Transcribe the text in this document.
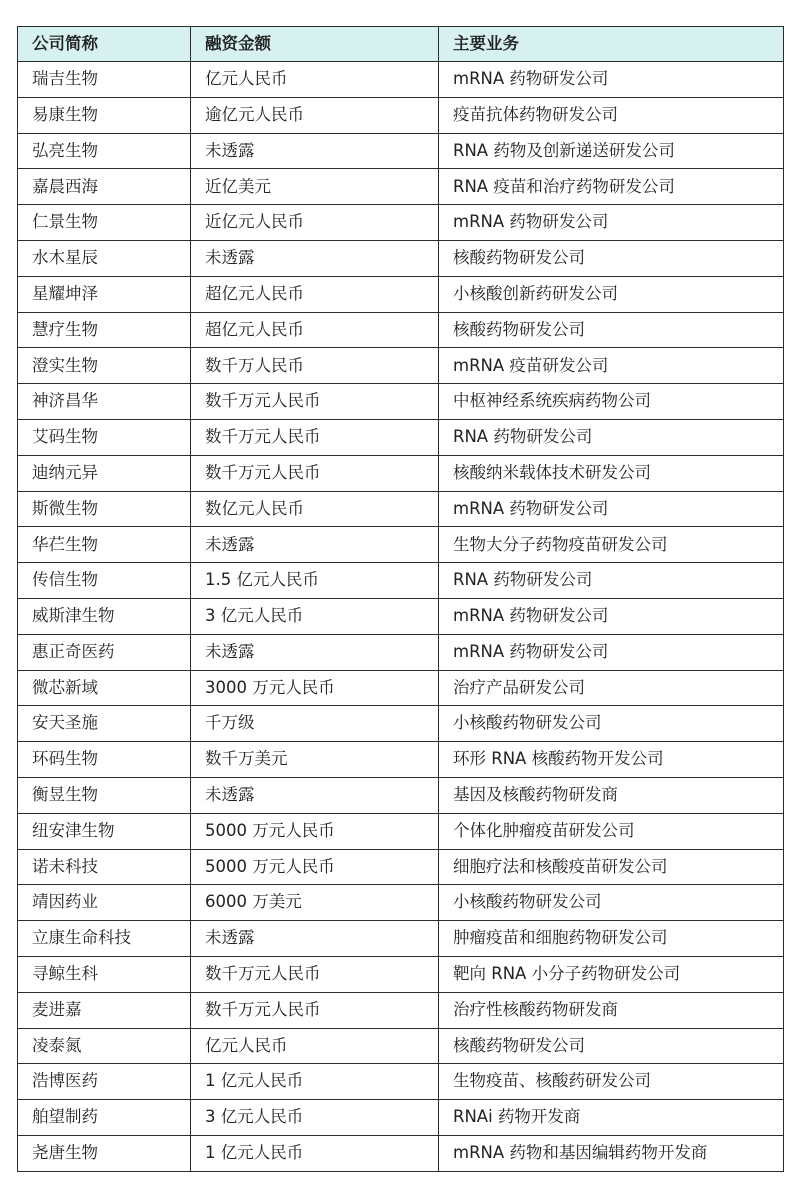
公司简称	融资金额	主要业务
瑞吉生物	亿元人民币	mRNA 药物研发公司
易康生物	逾亿元人民币	疫苗抗体药物研发公司
弘亮生物	未透露	RNA 药物及创新递送研发公司
嘉晨西海	近亿美元	RNA 疫苗和治疗药物研发公司
仁景生物	近亿元人民币	mRNA 药物研发公司
水木星辰	未透露	核酸药物研发公司
星耀坤泽	超亿元人民币	小核酸创新药研发公司
慧疗生物	超亿元人民币	核酸药物研发公司
澄实生物	数千万人民币	mRNA 疫苗研发公司
神济昌华	数千万元人民币	中枢神经系统疾病药物公司
艾码生物	数千万元人民币	RNA 药物研发公司
迪纳元异	数千万元人民币	核酸纳米载体技术研发公司
斯微生物	数亿元人民币	mRNA 药物研发公司
华芢生物	未透露	生物大分子药物疫苗研发公司
传信生物	1.5 亿元人民币	RNA 药物研发公司
威斯津生物	3 亿元人民币	mRNA 药物研发公司
惠正奇医药	未透露	mRNA 药物研发公司
微芯新域	3000 万元人民币	治疗产品研发公司
安天圣施	千万级	小核酸药物研发公司
环码生物	数千万美元	环形 RNA 核酸药物开发公司
衡昱生物	未透露	基因及核酸药物研发商
纽安津生物	5000 万元人民币	个体化肿瘤疫苗研发公司
诺未科技	5000 万元人民币	细胞疗法和核酸疫苗研发公司
靖因药业	6000 万美元	小核酸药物研发公司
立康生命科技	未透露	肿瘤疫苗和细胞药物研发公司
寻鲸生科	数千万元人民币	靶向 RNA 小分子药物研发公司
麦进嘉	数千万元人民币	治疗性核酸药物研发商
凌泰氮	亿元人民币	核酸药物研发公司
浩博医药	1 亿元人民币	生物疫苗、核酸药研发公司
舶望制药	3 亿元人民币	RNAi 药物开发商
尧唐生物	1 亿元人民币	mRNA 药物和基因编辑药物开发商
